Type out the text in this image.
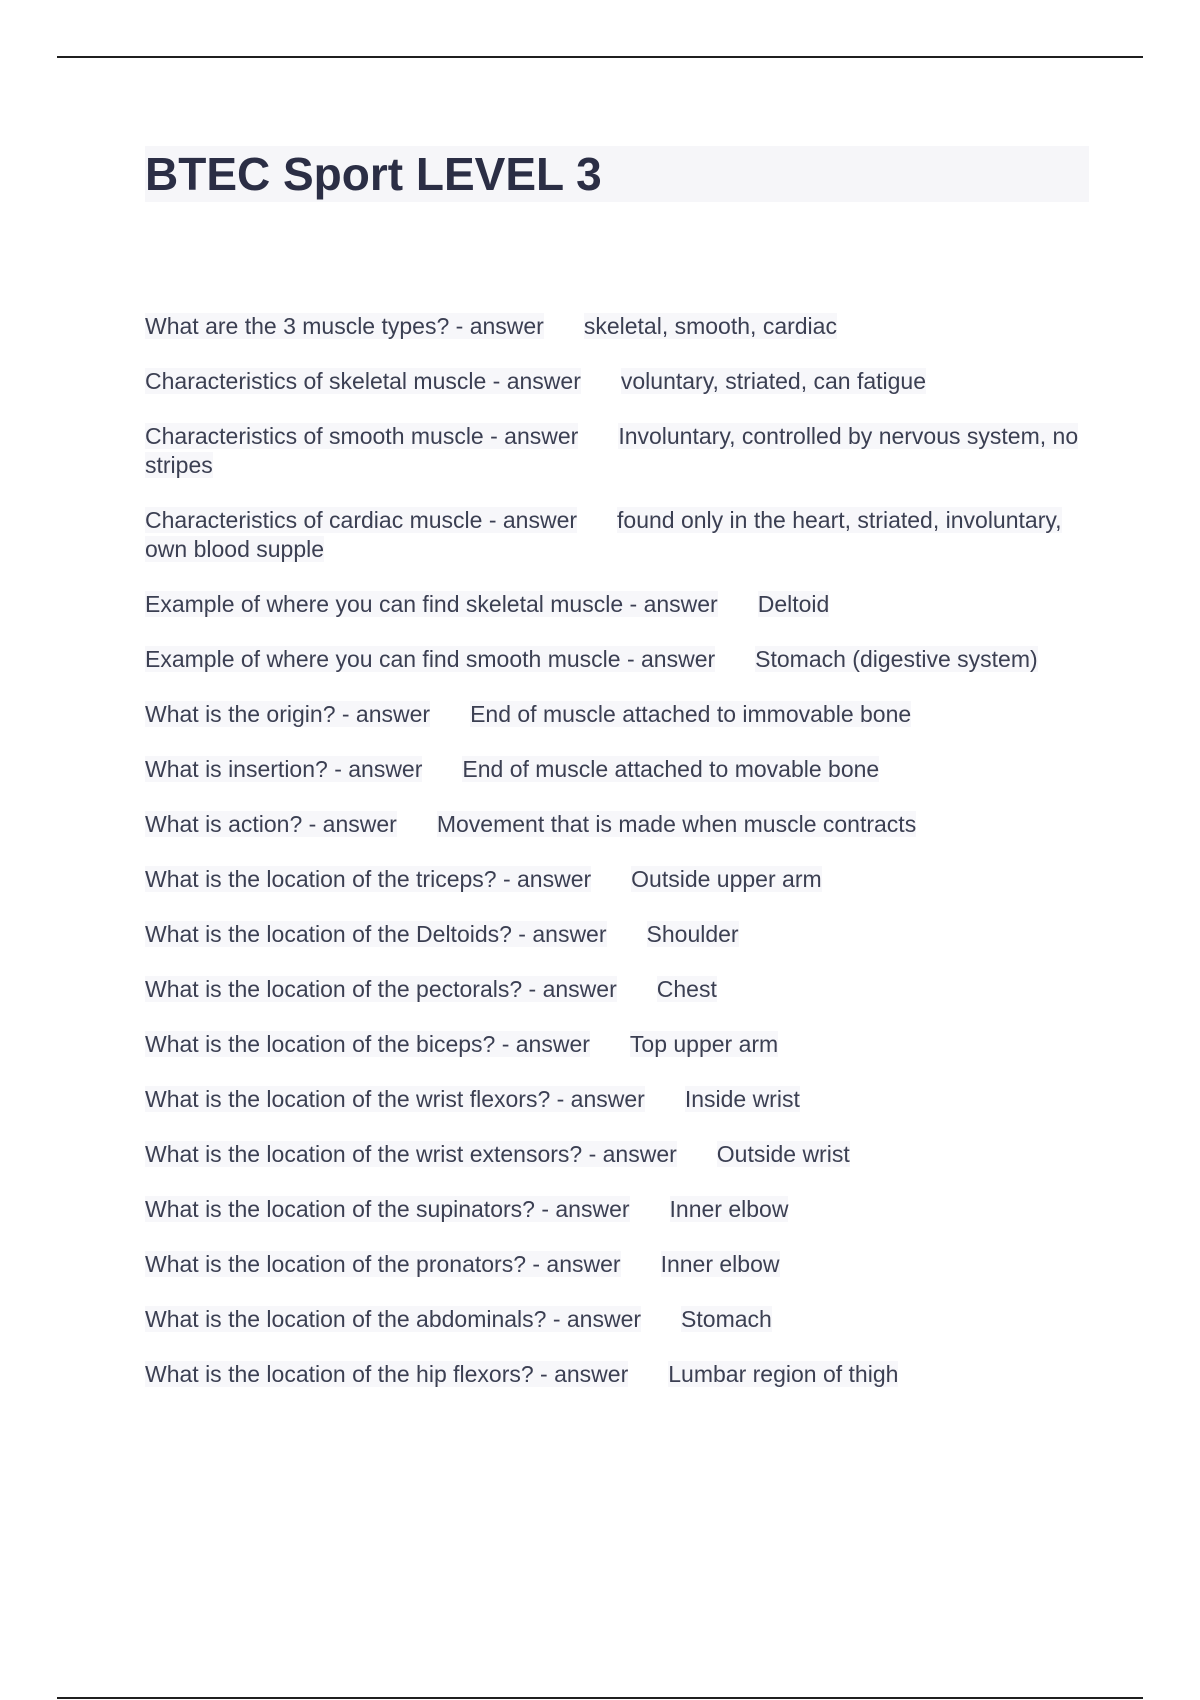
BTEC Sport LEVEL 3
What are the 3 muscle types? - answer skeletal, smooth, cardiac
Characteristics of skeletal muscle - answer voluntary, striated, can fatigue
Characteristics of smooth muscle - answer Involuntary, controlled by nervous system, no stripes
Characteristics of cardiac muscle - answer found only in the heart, striated, involuntary, own blood supple
Example of where you can find skeletal muscle - answer Deltoid
Example of where you can find smooth muscle - answer Stomach (digestive system)
What is the origin? - answer End of muscle attached to immovable bone
What is insertion? - answer End of muscle attached to movable bone
What is action? - answer Movement that is made when muscle contracts
What is the location of the triceps? - answer Outside upper arm
What is the location of the Deltoids? - answer Shoulder
What is the location of the pectorals? - answer Chest
What is the location of the biceps? - answer Top upper arm
What is the location of the wrist flexors? - answer Inside wrist
What is the location of the wrist extensors? - answer Outside wrist
What is the location of the supinators? - answer Inner elbow
What is the location of the pronators? - answer Inner elbow
What is the location of the abdominals? - answer Stomach
What is the location of the hip flexors? - answer Lumbar region of thigh
